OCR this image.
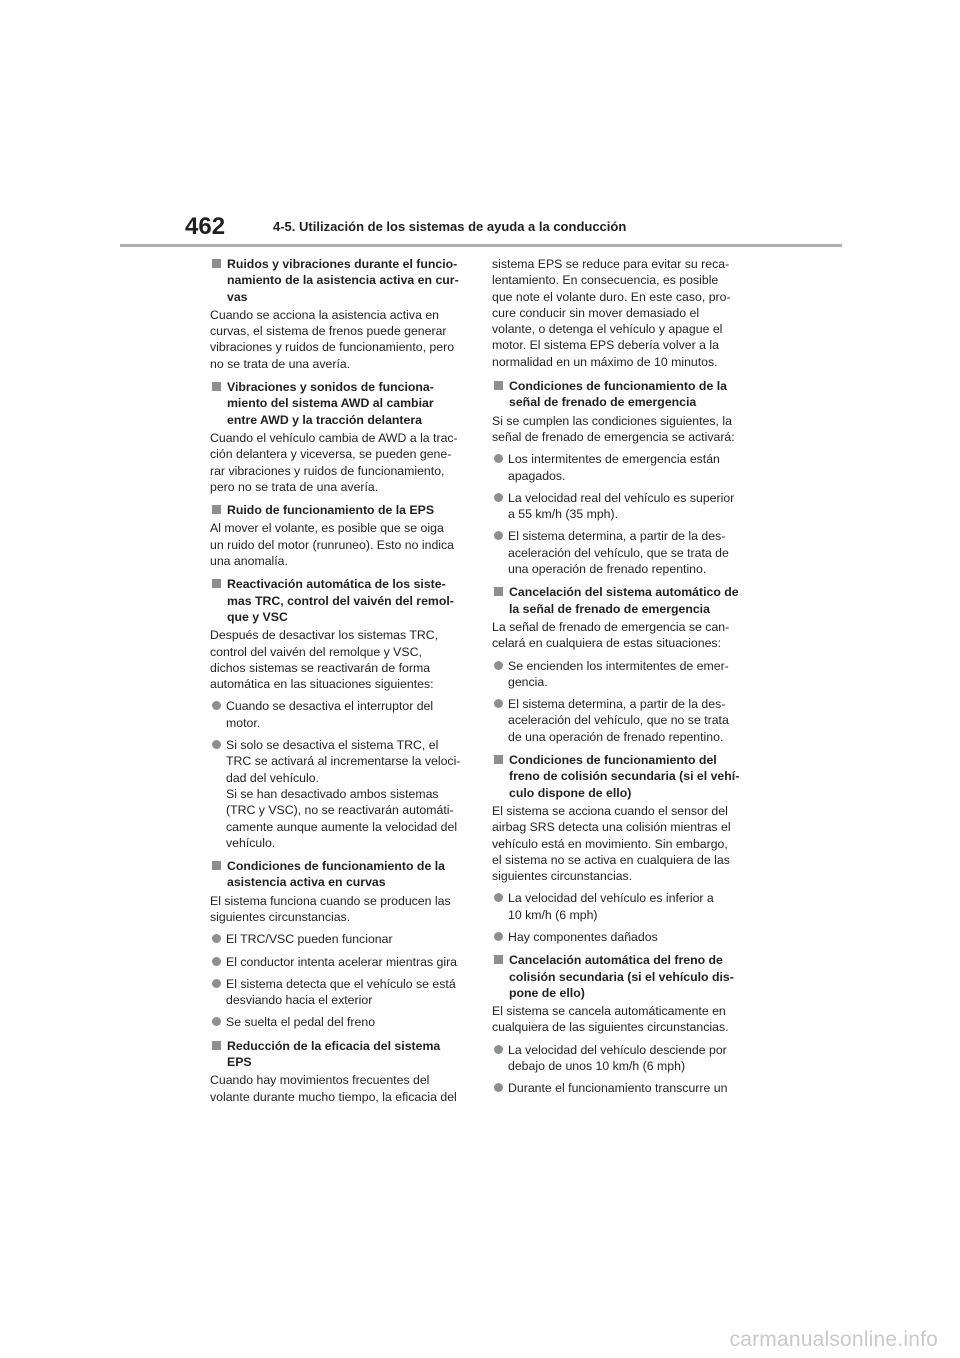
462	4-5. Utilización de los sistemas de ayuda a la conducción
Ruidos y vibraciones durante el funcio-
namiento de la asistencia activa en cur-
vas
Cuando se acciona la asistencia activa en
curvas, el sistema de frenos puede generar
vibraciones y ruidos de funcionamiento, pero
no se trata de una avería.
Vibraciones y sonidos de funciona-
miento del sistema AWD al cambiar
entre AWD y la tracción delantera
Cuando el vehículo cambia de AWD a la trac-
ción delantera y viceversa, se pueden gene-
rar vibraciones y ruidos de funcionamiento,
pero no se trata de una avería.
Ruido de funcionamiento de la EPS
Al mover el volante, es posible que se oiga
un ruido del motor (runruneo). Esto no indica
una anomalía.
Reactivación automática de los siste-
mas TRC, control del vaivén del remol-
que y VSC
Después de desactivar los sistemas TRC,
control del vaivén del remolque y VSC,
dichos sistemas se reactivarán de forma
automática en las situaciones siguientes:
Cuando se desactiva el interruptor del
motor.
Si solo se desactiva el sistema TRC, el
TRC se activará al incrementarse la veloci-
dad del vehículo.
Si se han desactivado ambos sistemas
(TRC y VSC), no se reactivarán automáti-
camente aunque aumente la velocidad del
vehículo.
Condiciones de funcionamiento de la
asistencia activa en curvas
El sistema funciona cuando se producen las
siguientes circunstancias.
El TRC/VSC pueden funcionar
El conductor intenta acelerar mientras gira
El sistema detecta que el vehículo se está
desviando hacia el exterior
Se suelta el pedal del freno
Reducción de la eficacia del sistema
EPS
Cuando hay movimientos frecuentes del
volante durante mucho tiempo, la eficacia del
sistema EPS se reduce para evitar su reca-
lentamiento. En consecuencia, es posible
que note el volante duro. En este caso, pro-
cure conducir sin mover demasiado el
volante, o detenga el vehículo y apague el
motor. El sistema EPS debería volver a la
normalidad en un máximo de 10 minutos.
Condiciones de funcionamiento de la
señal de frenado de emergencia
Si se cumplen las condiciones siguientes, la
señal de frenado de emergencia se activará:
Los intermitentes de emergencia están
apagados.
La velocidad real del vehículo es superior
a 55 km/h (35 mph).
El sistema determina, a partir de la des-
aceleración del vehículo, que se trata de
una operación de frenado repentino.
Cancelación del sistema automático de
la señal de frenado de emergencia
La señal de frenado de emergencia se can-
celará en cualquiera de estas situaciones:
Se encienden los intermitentes de emer-
gencia.
El sistema determina, a partir de la des-
aceleración del vehículo, que no se trata
de una operación de frenado repentino.
Condiciones de funcionamiento del
freno de colisión secundaria (si el vehí-
culo dispone de ello)
El sistema se acciona cuando el sensor del
airbag SRS detecta una colisión mientras el
vehículo está en movimiento. Sin embargo,
el sistema no se activa en cualquiera de las
siguientes circunstancias.
La velocidad del vehículo es inferior a
10 km/h (6 mph)
Hay componentes dañados
Cancelación automática del freno de
colisión secundaria (si el vehículo dis-
pone de ello)
El sistema se cancela automáticamente en
cualquiera de las siguientes circunstancias.
La velocidad del vehículo desciende por
debajo de unos 10 km/h (6 mph)
Durante el funcionamiento transcurre un
carmanualsonline.info
